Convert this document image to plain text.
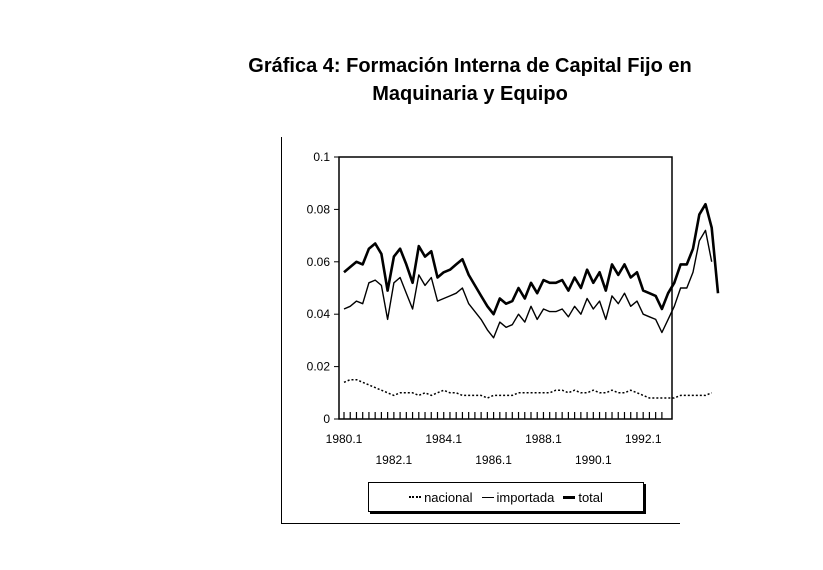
Gráfica 4: Formación Interna de Capital Fijo en
Maquinaria y Equipo
0
0.02
0.04
0.06
0.08
0.1
1980.1	1984.1	1988.1	1992.1
1982.1	1986.1	1990.1
nacional importada total
